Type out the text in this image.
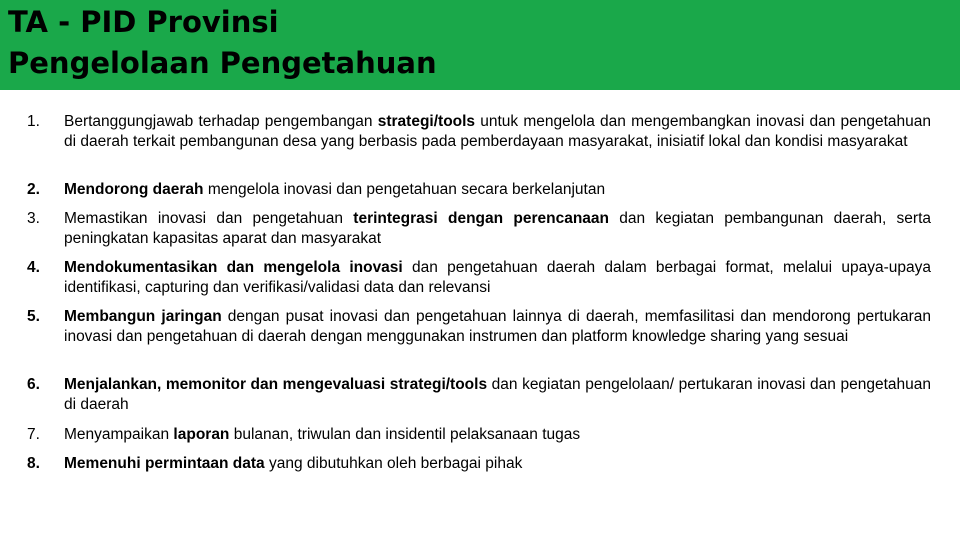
TA - PID Provinsi
Pengelolaan Pengetahuan
1. Bertanggungjawab terhadap pengembangan strategi/tools untuk mengelola dan mengembangkan inovasi dan pengetahuan di daerah terkait pembangunan desa yang berbasis pada pemberdayaan masyarakat, inisiatif lokal dan kondisi masyarakat
2. Mendorong daerah mengelola inovasi dan pengetahuan secara berkelanjutan
3. Memastikan inovasi dan pengetahuan terintegrasi dengan perencanaan dan kegiatan pembangunan daerah, serta peningkatan kapasitas aparat dan masyarakat
4. Mendokumentasikan dan mengelola inovasi dan pengetahuan daerah dalam berbagai format, melalui upaya-upaya identifikasi, capturing dan verifikasi/validasi data dan relevansi
5. Membangun jaringan dengan pusat inovasi dan pengetahuan lainnya di daerah, memfasilitasi dan mendorong pertukaran inovasi dan pengetahuan di daerah dengan menggunakan instrumen dan platform knowledge sharing yang sesuai
6. Menjalankan, memonitor dan mengevaluasi strategi/tools dan kegiatan pengelolaan/ pertukaran inovasi dan pengetahuan di daerah
7. Menyampaikan laporan bulanan, triwulan dan insidentil pelaksanaan tugas
8. Memenuhi permintaan data yang dibutuhkan oleh berbagai pihak
